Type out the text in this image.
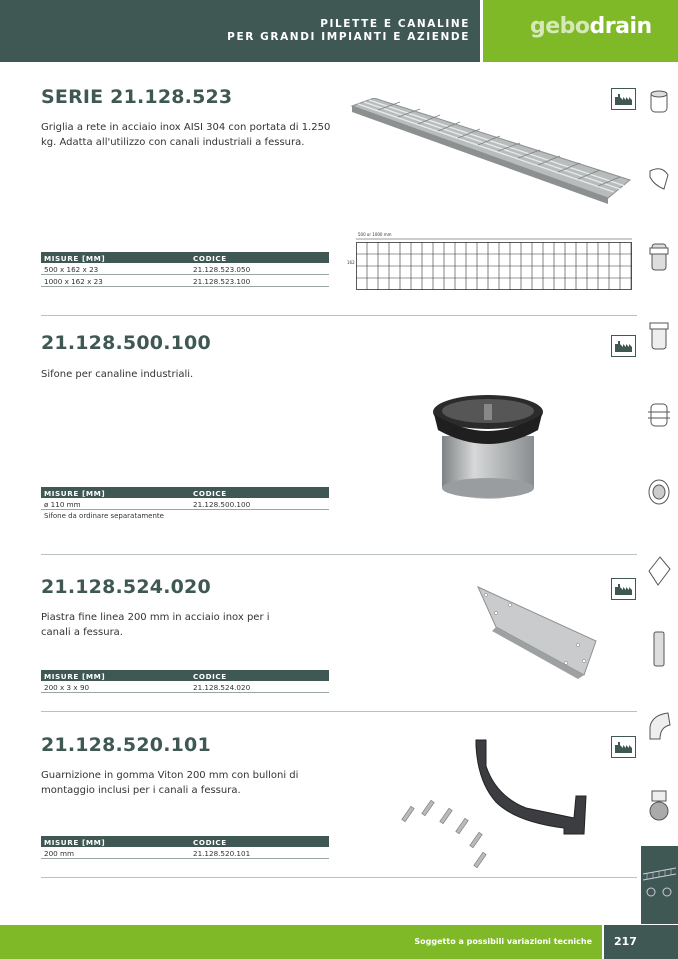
PILETTE E CANALINE
PER GRANDI IMPIANTI E AZIENDE	gebodrain
SERIE 21.128.523
Griglia a rete in acciaio inox AISI 304 con portata di 1.250
kg. Adatta all'utilizzo con canali industriali a fessura.
500 or 1000 mm
162
MISURE [MM]	CODICE
500 x 162 x 23	21.128.523.050
1000 x 162 x 23	21.128.523.100
21.128.500.100
Sifone per canaline industriali.
MISURE [MM]	CODICE
ø 110 mm	21.128.500.100
Sifone da ordinare separatamente
21.128.524.020
Piastra fine linea 200 mm in acciaio inox per i
canali a fessura.
MISURE [MM]	CODICE
200 x 3 x 90	21.128.524.020
21.128.520.101
Guarnizione in gomma Viton 200 mm con bulloni di
montaggio inclusi per i canali a fessura.
MISURE [MM]	CODICE
200 mm	21.128.520.101
Soggetto a possibili variazioni tecniche 217
